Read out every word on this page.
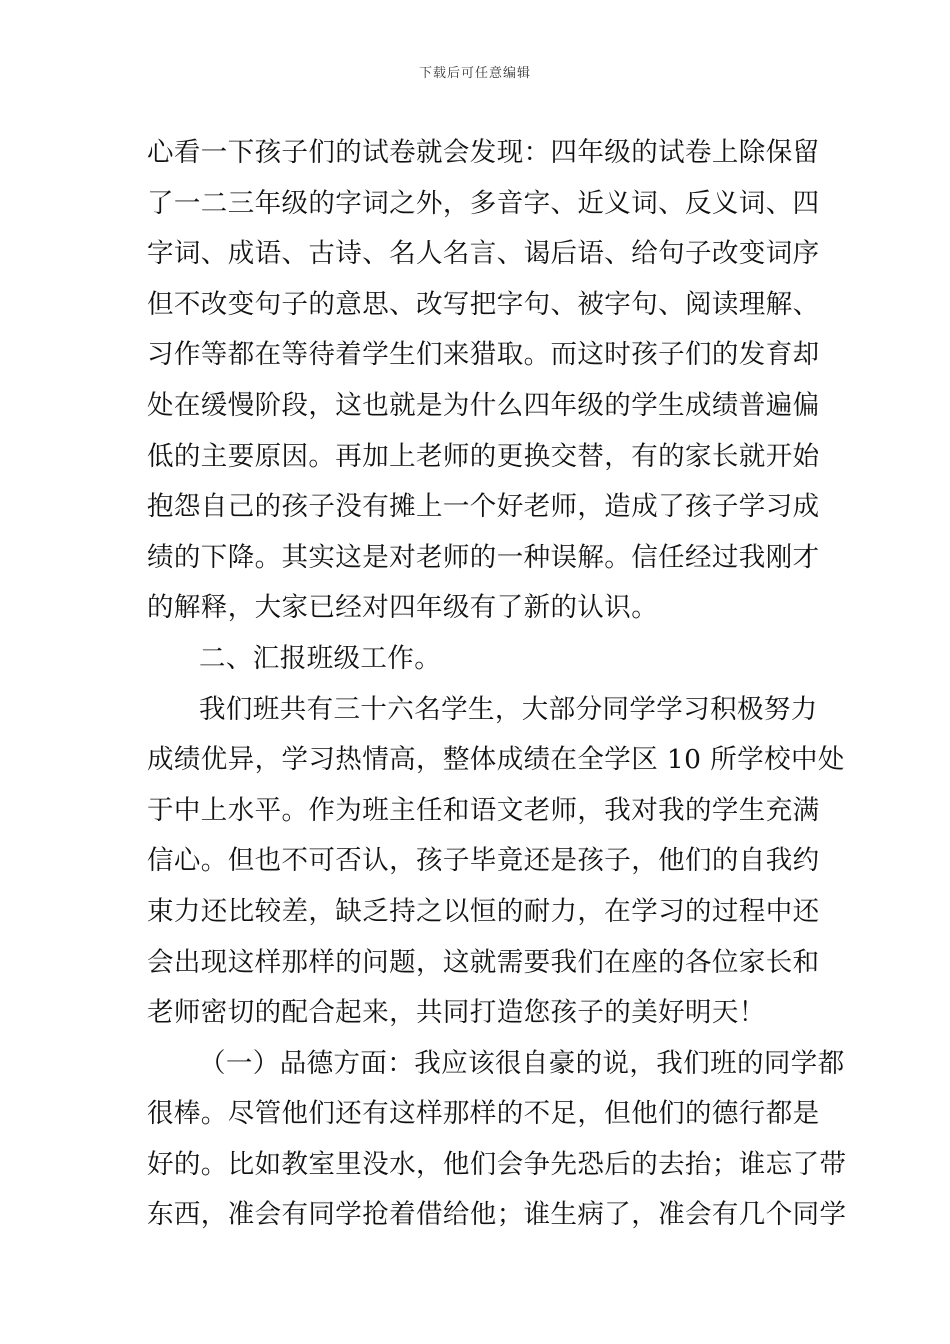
下载后可任意编辑
心看一下孩子们的试卷就会发现：四年级的试卷上除保留
了一二三年级的字词之外，多音字、近义词、反义词、四
字词、成语、古诗、名人名言、谒后语、给句子改变词序
但不改变句子的意思、改写把字句、被字句、阅读理解、
习作等都在等待着学生们来猎取。而这时孩子们的发育却
处在缓慢阶段，这也就是为什么四年级的学生成绩普遍偏
低的主要原因。再加上老师的更换交替，有的家长就开始
抱怨自己的孩子没有摊上一个好老师，造成了孩子学习成
绩的下降。其实这是对老师的一种误解。信任经过我刚才
的解释，大家已经对四年级有了新的认识。
二、汇报班级工作。
我们班共有三十六名学生，大部分同学学习积极努力
成绩优异，学习热情高，整体成绩在全学区 10 所学校中处
于中上水平。作为班主任和语文老师，我对我的学生充满
信心。但也不可否认，孩子毕竟还是孩子，他们的自我约
束力还比较差，缺乏持之以恒的耐力，在学习的过程中还
会出现这样那样的问题，这就需要我们在座的各位家长和
老师密切的配合起来，共同打造您孩子的美好明天！
（一）品德方面：我应该很自豪的说，我们班的同学都
很棒。尽管他们还有这样那样的不足，但他们的德行都是
好的。比如教室里没水，他们会争先恐后的去抬；谁忘了带
东西，准会有同学抢着借给他；谁生病了，准会有几个同学
